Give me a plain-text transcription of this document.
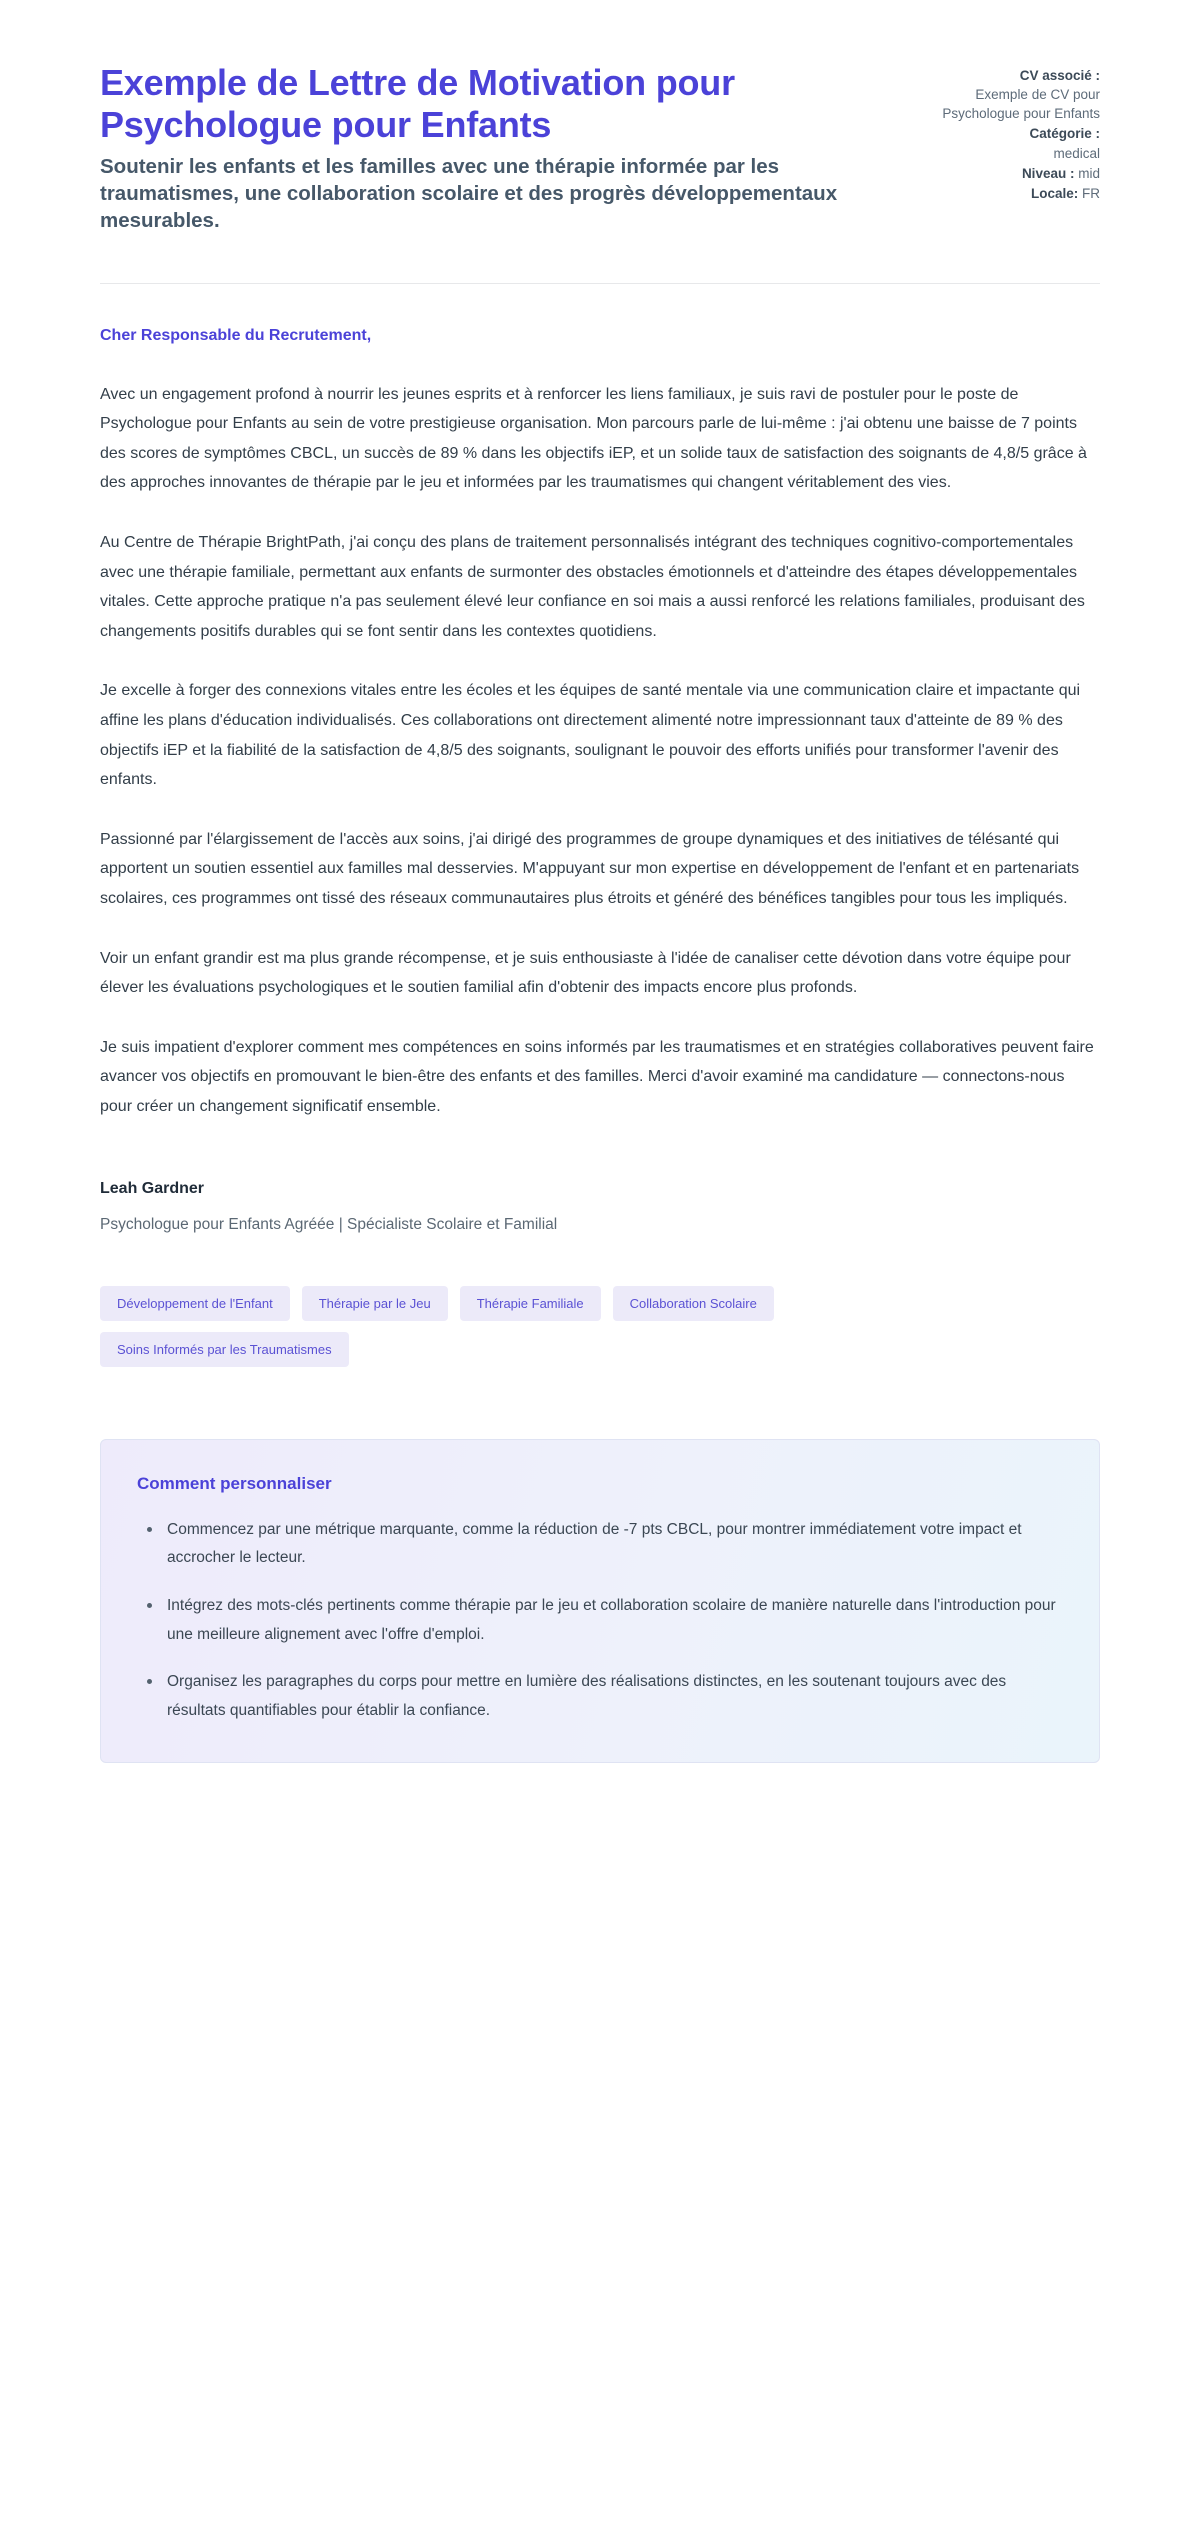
Exemple de Lettre de Motivation pour Psychologue pour Enfants

Soutenir les enfants et les familles avec une thérapie informée par les traumatismes, une collaboration scolaire et des progrès développementaux mesurables.

CV associé :
Exemple de CV pour Psychologue pour Enfants
Catégorie :
medical
Niveau : mid
Locale: FR

Cher Responsable du Recrutement,

Avec un engagement profond à nourrir les jeunes esprits et à renforcer les liens familiaux, je suis ravi de postuler pour le poste de Psychologue pour Enfants au sein de votre prestigieuse organisation. Mon parcours parle de lui-même : j'ai obtenu une baisse de 7 points des scores de symptômes CBCL, un succès de 89 % dans les objectifs iEP, et un solide taux de satisfaction des soignants de 4,8/5 grâce à des approches innovantes de thérapie par le jeu et informées par les traumatismes qui changent véritablement des vies.

Au Centre de Thérapie BrightPath, j'ai conçu des plans de traitement personnalisés intégrant des techniques cognitivo-comportementales avec une thérapie familiale, permettant aux enfants de surmonter des obstacles émotionnels et d'atteindre des étapes développementales vitales. Cette approche pratique n'a pas seulement élevé leur confiance en soi mais a aussi renforcé les relations familiales, produisant des changements positifs durables qui se font sentir dans les contextes quotidiens.

Je excelle à forger des connexions vitales entre les écoles et les équipes de santé mentale via une communication claire et impactante qui affine les plans d'éducation individualisés. Ces collaborations ont directement alimenté notre impressionnant taux d'atteinte de 89 % des objectifs iEP et la fiabilité de la satisfaction de 4,8/5 des soignants, soulignant le pouvoir des efforts unifiés pour transformer l'avenir des enfants.

Passionné par l'élargissement de l'accès aux soins, j'ai dirigé des programmes de groupe dynamiques et des initiatives de télésanté qui apportent un soutien essentiel aux familles mal desservies. M'appuyant sur mon expertise en développement de l'enfant et en partenariats scolaires, ces programmes ont tissé des réseaux communautaires plus étroits et généré des bénéfices tangibles pour tous les impliqués.

Voir un enfant grandir est ma plus grande récompense, et je suis enthousiaste à l'idée de canaliser cette dévotion dans votre équipe pour élever les évaluations psychologiques et le soutien familial afin d'obtenir des impacts encore plus profonds.

Je suis impatient d'explorer comment mes compétences en soins informés par les traumatismes et en stratégies collaboratives peuvent faire avancer vos objectifs en promouvant le bien-être des enfants et des familles. Merci d'avoir examiné ma candidature — connectons-nous pour créer un changement significatif ensemble.

Leah Gardner

Psychologue pour Enfants Agréée | Spécialiste Scolaire et Familial

Développement de l'Enfant	Thérapie par le Jeu	Thérapie Familiale	Collaboration Scolaire
Soins Informés par les Traumatismes
Comment personnaliser
Commencez par une métrique marquante, comme la réduction de -7 pts CBCL, pour montrer immédiatement votre impact et accrocher le lecteur.
Intégrez des mots-clés pertinents comme thérapie par le jeu et collaboration scolaire de manière naturelle dans l'introduction pour une meilleure alignement avec l'offre d'emploi.
Organisez les paragraphes du corps pour mettre en lumière des réalisations distinctes, en les soutenant toujours avec des résultats quantifiables pour établir la confiance.
